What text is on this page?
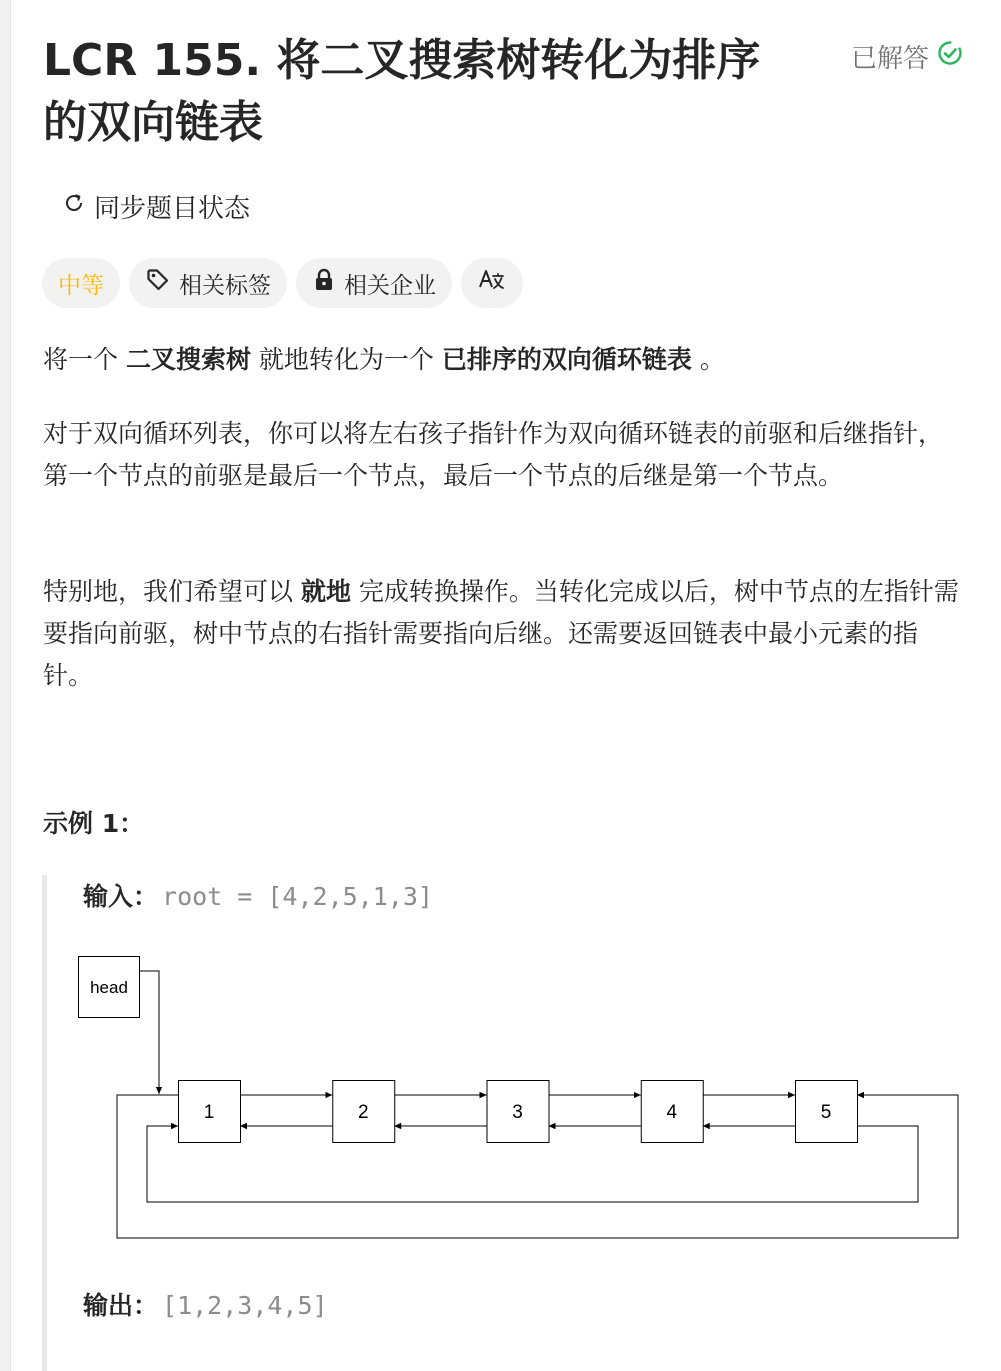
LCR 155. 将二叉搜索树转化为排序的双向链表
已解答
同步题目状态
中等	相关标签	相关企业

将一个 二叉搜索树 就地转化为一个 已排序的双向循环链表 。

对于双向循环列表，你可以将左右孩子指针作为双向循环链表的前驱和后继指针，第一个节点的前驱是最后一个节点，最后一个节点的后继是第一个节点。

特别地，我们希望可以 就地 完成转换操作。当转化完成以后，树中节点的左指针需要指向前驱，树中节点的右指针需要指向后继。还需要返回链表中最小元素的指针。

示例 1：

输入： root = [4,2,5,1,3]
输出： [1,2,3,4,5]
head
1	2	3	4	5
